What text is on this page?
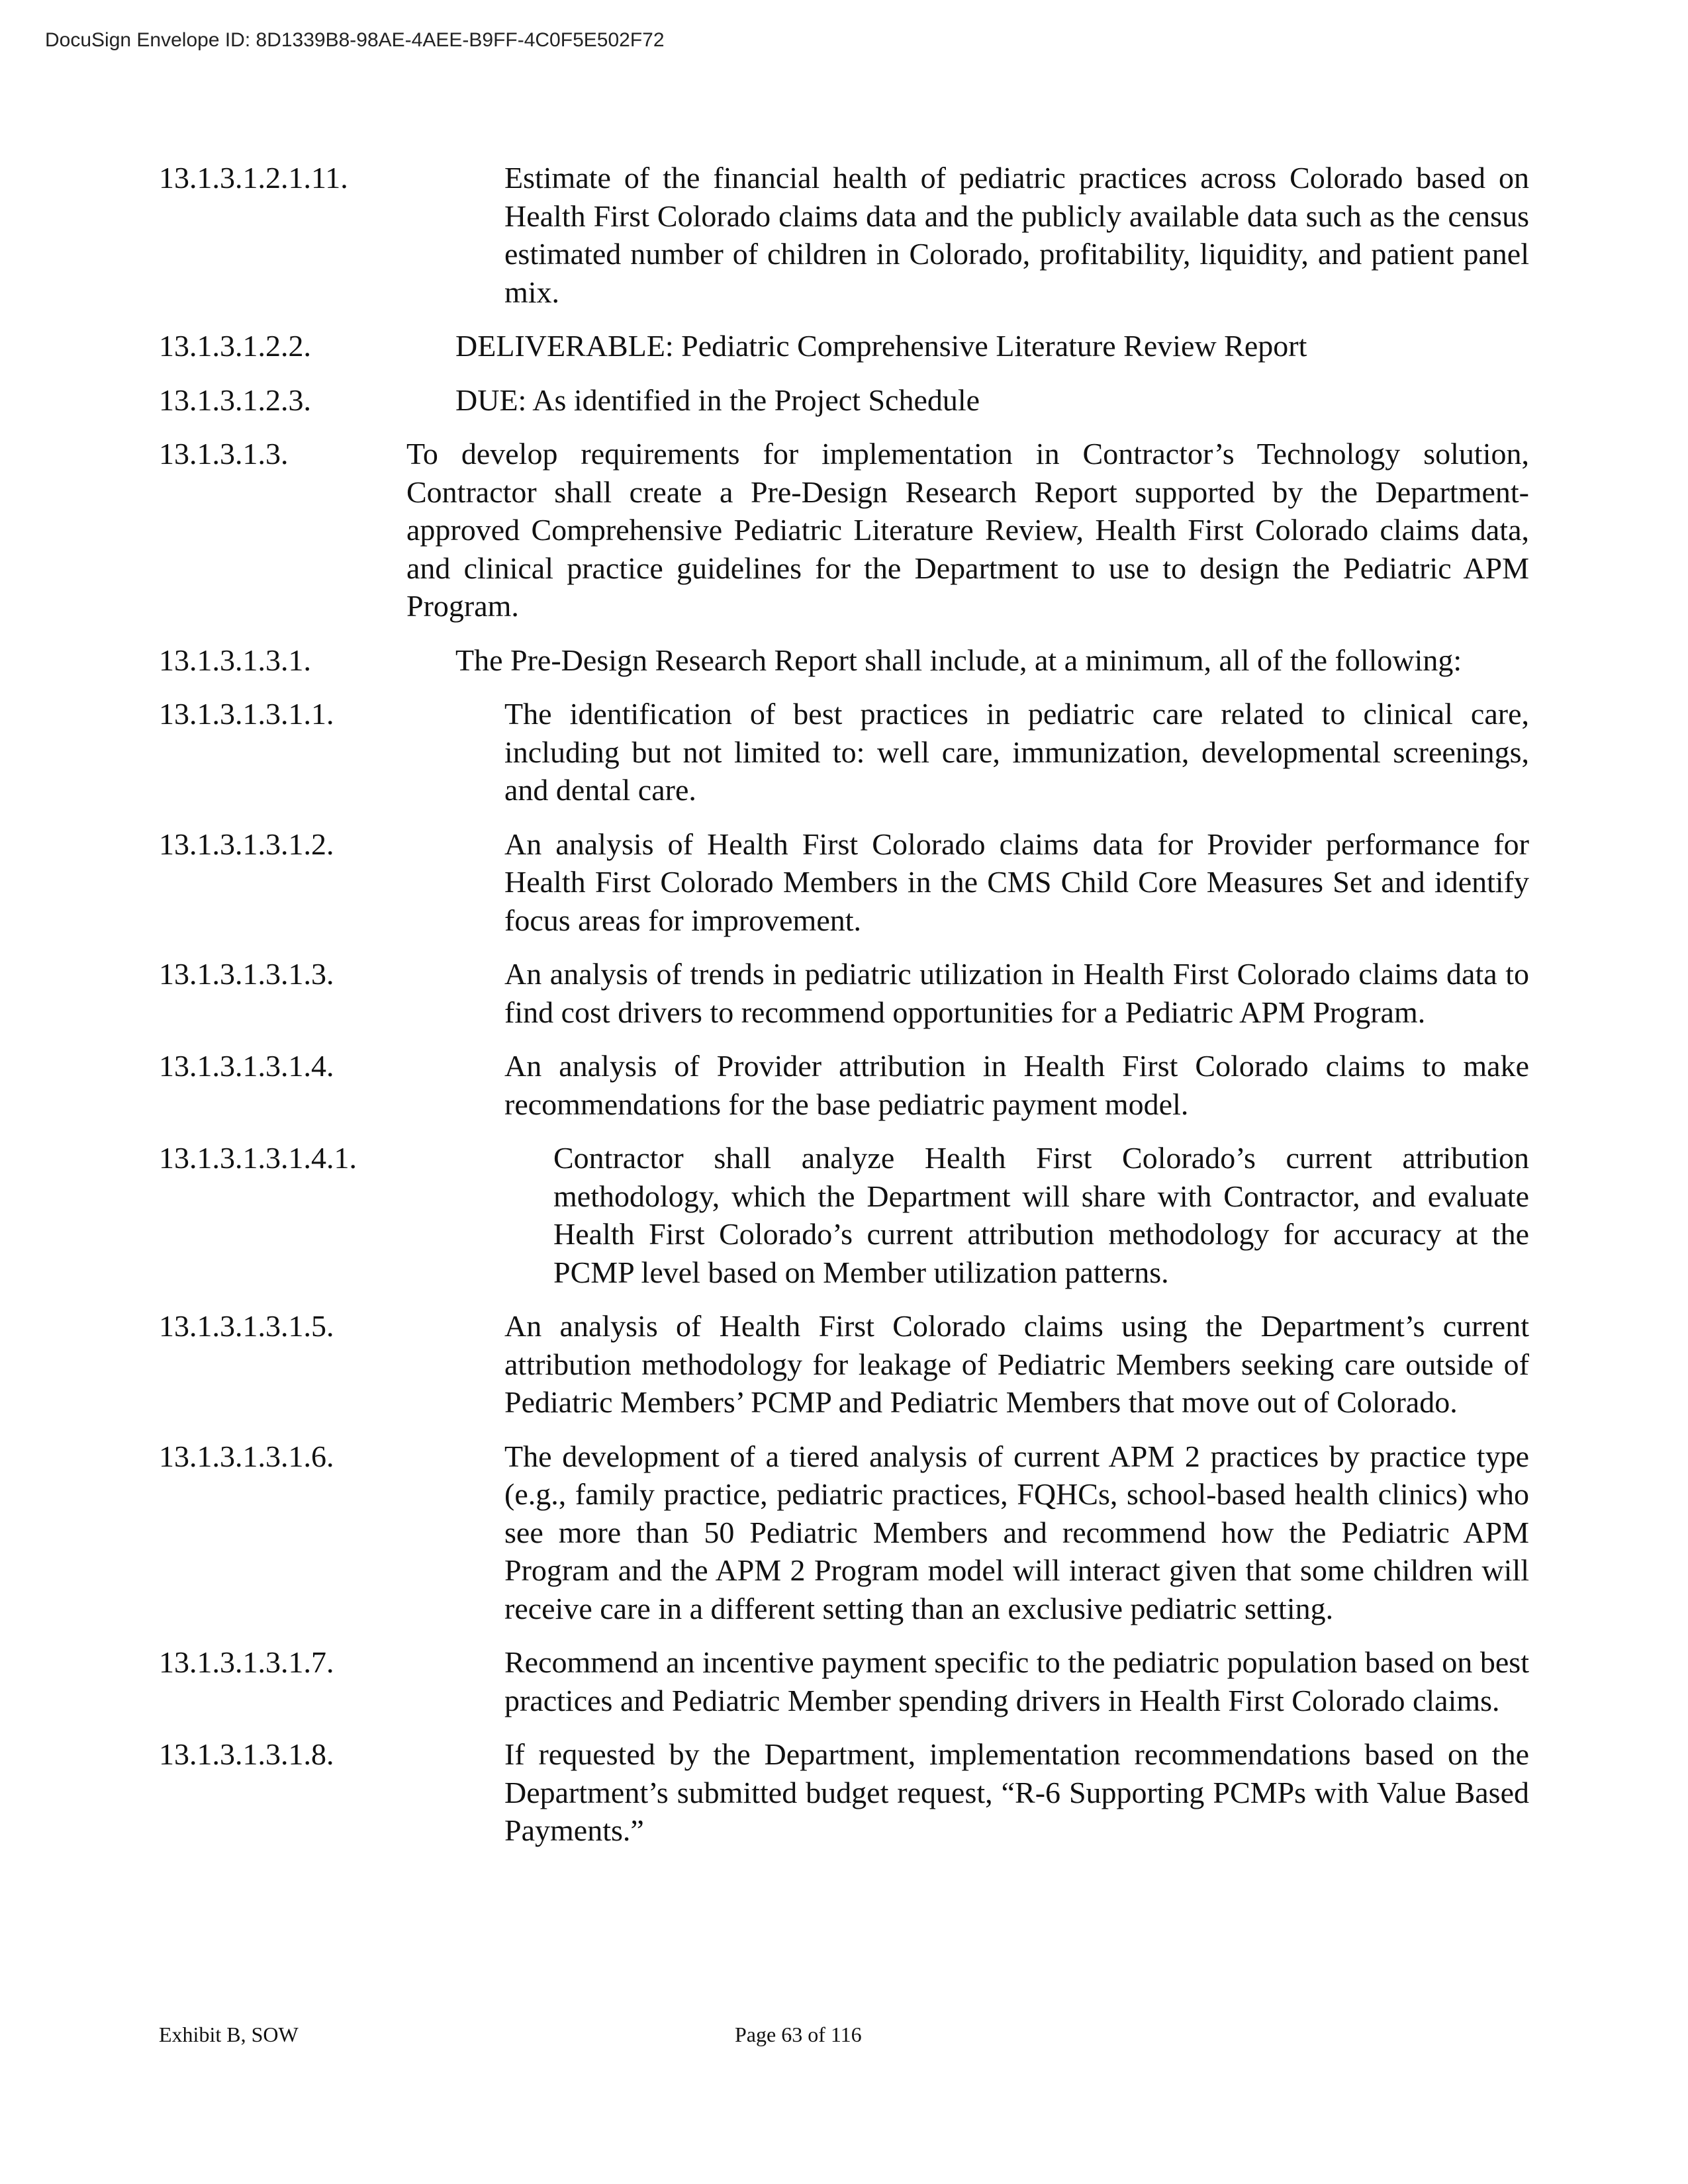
DocuSign Envelope ID: 8D1339B8-98AE-4AEE-B9FF-4C0F5E502F72
13.1.3.1.2.1.11.	Estimate of the financial health of pediatric practices across Colorado based on Health First Colorado claims data and the publicly available data such as the census estimated number of children in Colorado, profitability, liquidity, and patient panel mix.
13.1.3.1.2.2.	DELIVERABLE: Pediatric Comprehensive Literature Review Report
13.1.3.1.2.3.	DUE: As identified in the Project Schedule
13.1.3.1.3.	To develop requirements for implementation in Contractor’s Technology solution, Contractor shall create a Pre-Design Research Report supported by the Department-approved Comprehensive Pediatric Literature Review, Health First Colorado claims data, and clinical practice guidelines for the Department to use to design the Pediatric APM Program.
13.1.3.1.3.1.	The Pre-Design Research Report shall include, at a minimum, all of the following:
13.1.3.1.3.1.1.	The identification of best practices in pediatric care related to clinical care, including but not limited to: well care, immunization, developmental screenings, and dental care.
13.1.3.1.3.1.2.	An analysis of Health First Colorado claims data for Provider performance for Health First Colorado Members in the CMS Child Core Measures Set and identify focus areas for improvement.
13.1.3.1.3.1.3.	An analysis of trends in pediatric utilization in Health First Colorado claims data to find cost drivers to recommend opportunities for a Pediatric APM Program.
13.1.3.1.3.1.4.	An analysis of Provider attribution in Health First Colorado claims to make recommendations for the base pediatric payment model.
13.1.3.1.3.1.4.1.	Contractor shall analyze Health First Colorado’s current attribution methodology, which the Department will share with Contractor, and evaluate Health First Colorado’s current attribution methodology for accuracy at the PCMP level based on Member utilization patterns.
13.1.3.1.3.1.5.	An analysis of Health First Colorado claims using the Department’s current attribution methodology for leakage of Pediatric Members seeking care outside of Pediatric Members’ PCMP and Pediatric Members that move out of Colorado.
13.1.3.1.3.1.6.	The development of a tiered analysis of current APM 2 practices by practice type (e.g., family practice, pediatric practices, FQHCs, school-based health clinics) who see more than 50 Pediatric Members and recommend how the Pediatric APM Program and the APM 2 Program model will interact given that some children will receive care in a different setting than an exclusive pediatric setting.
13.1.3.1.3.1.7.	Recommend an incentive payment specific to the pediatric population based on best practices and Pediatric Member spending drivers in Health First Colorado claims.
13.1.3.1.3.1.8.	If requested by the Department, implementation recommendations based on the Department’s submitted budget request, “R-6 Supporting PCMPs with Value Based Payments.”
Exhibit B, SOW	Page 63 of 116
